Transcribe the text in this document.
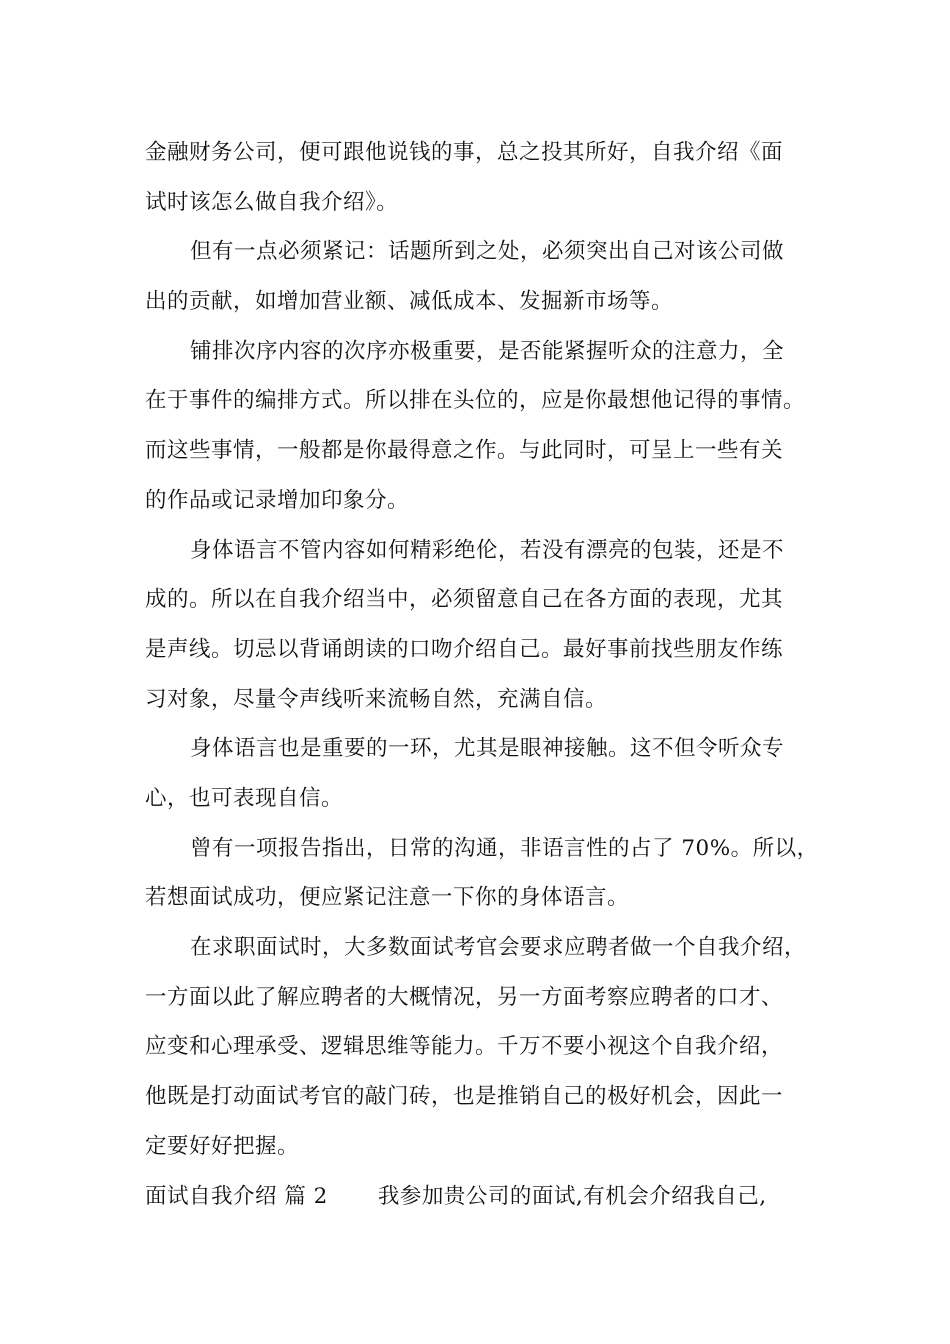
金融财务公司，便可跟他说钱的事，总之投其所好，自我介绍《面
试时该怎么做自我介绍》。
但有一点必须紧记：话题所到之处，必须突出自己对该公司做
出的贡献，如增加营业额、减低成本、发掘新市场等。
铺排次序内容的次序亦极重要，是否能紧握听众的注意力，全
在于事件的编排方式。所以排在头位的，应是你最想他记得的事情。
而这些事情，一般都是你最得意之作。与此同时，可呈上一些有关
的作品或记录增加印象分。
身体语言不管内容如何精彩绝伦，若没有漂亮的包装，还是不
成的。所以在自我介绍当中，必须留意自己在各方面的表现，尤其
是声线。切忌以背诵朗读的口吻介绍自己。最好事前找些朋友作练
习对象，尽量令声线听来流畅自然，充满自信。
身体语言也是重要的一环，尤其是眼神接触。这不但令听众专
心，也可表现自信。
曾有一项报告指出，日常的沟通，非语言性的占了 70%。所以，
若想面试成功，便应紧记注意一下你的身体语言。
在求职面试时，大多数面试考官会要求应聘者做一个自我介绍，
一方面以此了解应聘者的大概情况，另一方面考察应聘者的口才、
应变和心理承受、逻辑思维等能力。千万不要小视这个自我介绍，
他既是打动面试考官的敲门砖，也是推销自己的极好机会，因此一
定要好好把握。
面试自我介绍 篇 2 我参加贵公司的面试,有机会介绍我自己,
